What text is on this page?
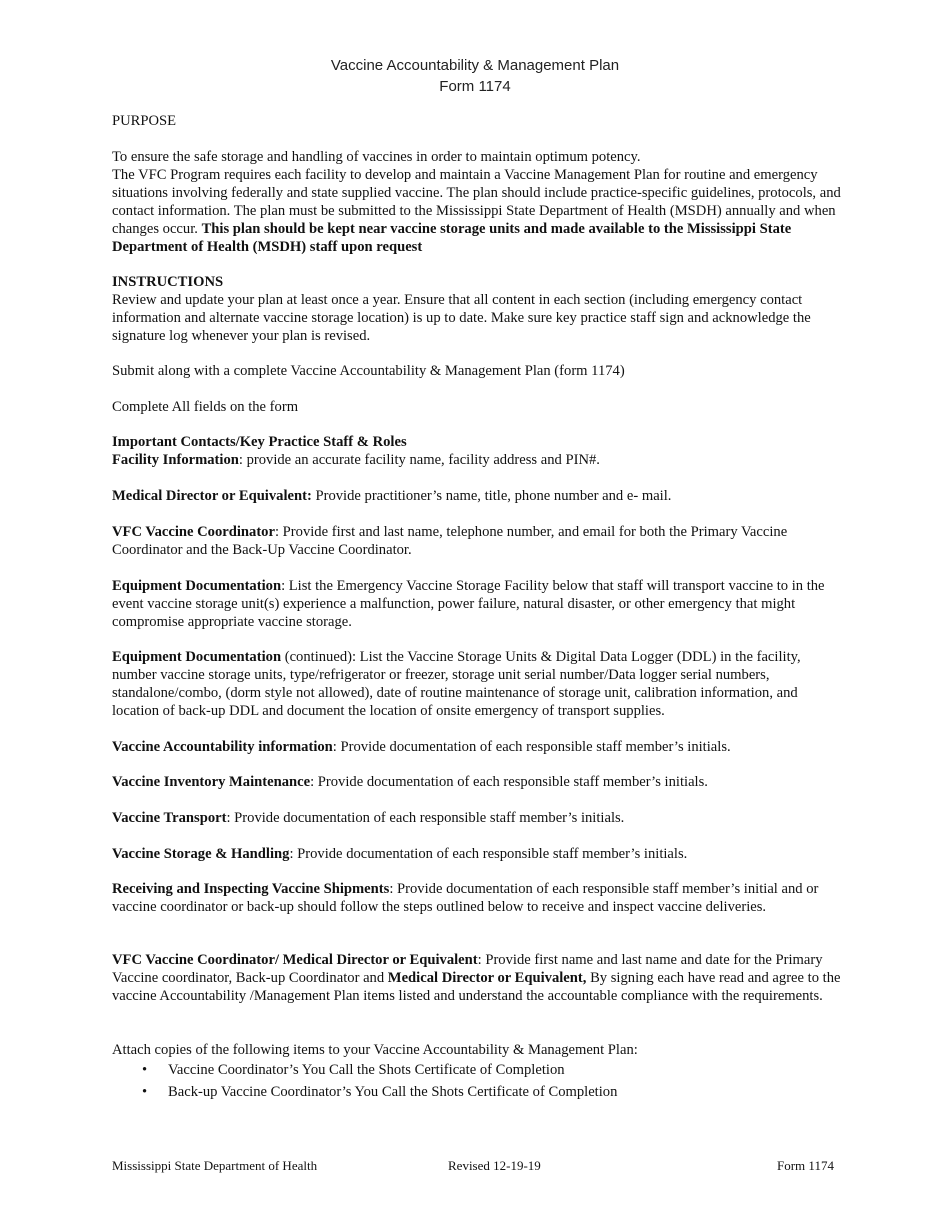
Vaccine Accountability & Management Plan
Form 1174

PURPOSE

To ensure the safe storage and handling of vaccines in order to maintain optimum potency.

The VFC Program requires each facility to develop and maintain a Vaccine Management Plan for routine and emergency situations involving federally and state supplied vaccine. The plan should include practice-specific guidelines, protocols, and contact information. The plan must be submitted to the Mississippi State Department of Health (MSDH) annually and when changes occur. This plan should be kept near vaccine storage units and made available to the Mississippi State Department of Health (MSDH) staff upon request

INSTRUCTIONS

Review and update your plan at least once a year. Ensure that all content in each section (including emergency contact information and alternate vaccine storage location) is up to date. Make sure key practice staff sign and acknowledge the signature log whenever your plan is revised.

Submit along with a complete Vaccine Accountability & Management Plan (form 1174)

Complete All fields on the form

Important Contacts/Key Practice Staff & Roles

Facility Information: provide an accurate facility name, facility address and PIN#.

Medical Director or Equivalent: Provide practitioner’s name, title, phone number and e- mail.

VFC Vaccine Coordinator: Provide first and last name, telephone number, and email for both the Primary Vaccine Coordinator and the Back-Up Vaccine Coordinator.

Equipment Documentation: List the Emergency Vaccine Storage Facility below that staff will transport vaccine to in the event vaccine storage unit(s) experience a malfunction, power failure, natural disaster, or other emergency that might compromise appropriate vaccine storage.

Equipment Documentation (continued): List the Vaccine Storage Units & Digital Data Logger (DDL) in the facility, number vaccine storage units, type/refrigerator or freezer, storage unit serial number/Data logger serial numbers, standalone/combo, (dorm style not allowed), date of routine maintenance of storage unit, calibration information, and location of back-up DDL and document the location of onsite emergency of transport supplies.

Vaccine Accountability information: Provide documentation of each responsible staff member’s initials.

Vaccine Inventory Maintenance: Provide documentation of each responsible staff member’s initials.

Vaccine Transport: Provide documentation of each responsible staff member’s initials.

Vaccine Storage & Handling: Provide documentation of each responsible staff member’s initials.

Receiving and Inspecting Vaccine Shipments: Provide documentation of each responsible staff member’s initial and or vaccine coordinator or back-up should follow the steps outlined below to receive and inspect vaccine deliveries.

VFC Vaccine Coordinator/ Medical Director or Equivalent: Provide first name and last name and date for the Primary Vaccine coordinator, Back-up Coordinator and Medical Director or Equivalent, By signing each have read and agree to the vaccine Accountability /Management Plan items listed and understand the accountable compliance with the requirements.

Attach copies of the following items to your Vaccine Accountability & Management Plan:

• Vaccine Coordinator’s You Call the Shots Certificate of Completion
• Back-up Vaccine Coordinator’s You Call the Shots Certificate of Completion
Mississippi State Department of Health	Revised 12-19-19	Form 1174
